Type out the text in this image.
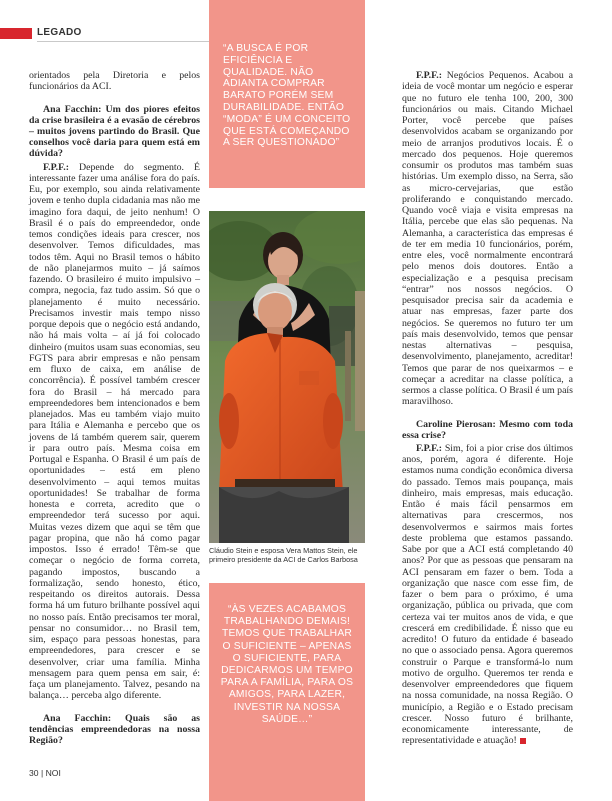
LEGADO

orientados pela Diretoria e pelos funcionários da ACI.

Ana Facchin: Um dos piores efeitos da crise brasileira é a evasão de cérebros – muitos jovens partindo do Brasil. Que conselhos você daria para quem está em dúvida?

F.P.F.: Depende do segmento. É interessante fazer uma análise fora do país. Eu, por exemplo, sou ainda relativamente jovem e tenho dupla cidadania mas não me imagino fora daqui, de jeito nenhum! O Brasil é o país do empreendedor, onde temos condições ideais para crescer, nos desenvolver. Temos dificuldades, mas todos têm. Aqui no Brasil temos o hábito de não planejarmos muito – já saímos fazendo. O brasileiro é muito impulsivo – compra, negocia, faz tudo assim. Só que o planejamento é muito necessário. Precisamos investir mais tempo nisso porque depois que o negócio está andando, não há mais volta – aí já foi colocado dinheiro (muitos usam suas economias, seu FGTS para abrir empresas e não pensam em fluxo de caixa, em análise de concorrência). É possível também crescer fora do Brasil – há mercado para empreendedores bem intencionados e bem planejados. Mas eu também viajo muito para Itália e Alemanha e percebo que os jovens de lá também querem sair, querem ir para outro país. Mesma coisa em Portugal e Espanha. O Brasil é um país de oportunidades – está em pleno desenvolvimento – aqui temos muitas oportunidades! Se trabalhar de forma honesta e correta, acredito que o empreendedor terá sucesso por aqui. Muitas vezes dizem que aqui se têm que pagar propina, que não há como pagar impostos. Isso é errado! Têm-se que começar o negócio de forma correta, pagando impostos, buscando a formalização, sendo honesto, ético, respeitando os direitos autorais. Dessa forma há um futuro brilhante possível aqui no nosso país. Então precisamos ter moral, pensar no consumidor… no Brasil tem, sim, espaço para pessoas honestas, para empreendedores, para crescer e se desenvolver, criar uma família. Minha mensagem para quem pensa em sair, é: faça um planejamento. Talvez, pesando na balança… perceba algo diferente.

Ana Facchin: Quais são as tendências empreendedoras na nossa Região?

“A BUSCA É POR EFICIÊNCIA E QUALIDADE. NÃO ADIANTA COMPRAR BARATO PORÉM SEM DURABILIDADE. ENTÃO “MODA” É UM CONCEITO QUE ESTÁ COMEÇANDO A SER QUESTIONADO”
Cláudio Stein e esposa Vera Mattos Stein, ele primeiro presidente da ACI de Carlos Barbosa
“ÀS VEZES ACABAMOS TRABALHANDO DEMAIS! TEMOS QUE TRABALHAR O SUFICIENTE – APENAS O SUFICIENTE, PARA DEDICARMOS UM TEMPO PARA A FAMÍLIA, PARA OS AMIGOS, PARA LAZER, INVESTIR NA NOSSA SAÚDE…”

F.P.F.: Negócios Pequenos. Acabou a ideia de você montar um negócio e esperar que no futuro ele tenha 100, 200, 300 funcionários ou mais. Citando Michael Porter, você percebe que países desenvolvidos acabam se organizando por meio de arranjos produtivos locais. É o mercado dos pequenos. Hoje queremos consumir os produtos mas também suas histórias. Um exemplo disso, na Serra, são as micro-cervejarias, que estão proliferando e conquistando mercado. Quando você viaja e visita empresas na Itália, percebe que elas são pequenas. Na Alemanha, a característica das empresas é de ter em media 10 funcionários, porém, entre eles, você normalmente encontrará pelo menos dois doutores. Então a especialização e a pesquisa precisam “entrar” nos nossos negócios. O pesquisador precisa sair da academia e atuar nas empresas, fazer parte dos negócios. Se queremos no futuro ter um país mais desenvolvido, temos que pensar nestas alternativas – pesquisa, desenvolvimento, planejamento, acreditar! Temos que parar de nos queixarmos – e começar a acreditar na classe política, a sermos a classe política. O Brasil é um país maravilhoso.

Caroline Pierosan: Mesmo com toda essa crise?

F.P.F.: Sim, foi a pior crise dos últimos anos, porém, agora é diferente. Hoje estamos numa condição econômica diversa do passado. Temos mais poupança, mais dinheiro, mais empresas, mais educação. Então é mais fácil pensarmos em alternativas para crescermos, nos desenvolvermos e sairmos mais fortes deste problema que estamos passando. Sabe por que a ACI está completando 40 anos? Por que as pessoas que pensaram na ACI pensaram em fazer o bem. Toda a organização que nasce com esse fim, de fazer o bem para o próximo, é uma organização, pública ou privada, que com certeza vai ter muitos anos de vida, e que crescerá em credibilidade. É nisso que eu acredito! O futuro da entidade é baseado no que o associado pensa. Agora queremos construir o Parque e transformá-lo num motivo de orgulho. Queremos ter renda e desenvolver empreendedores que fiquem na nossa comunidade, na nossa Região. O município, a Região e o Estado precisam crescer. Nosso futuro é brilhante, economicamente interessante, de representatividade e atuação!

30 | NOI
